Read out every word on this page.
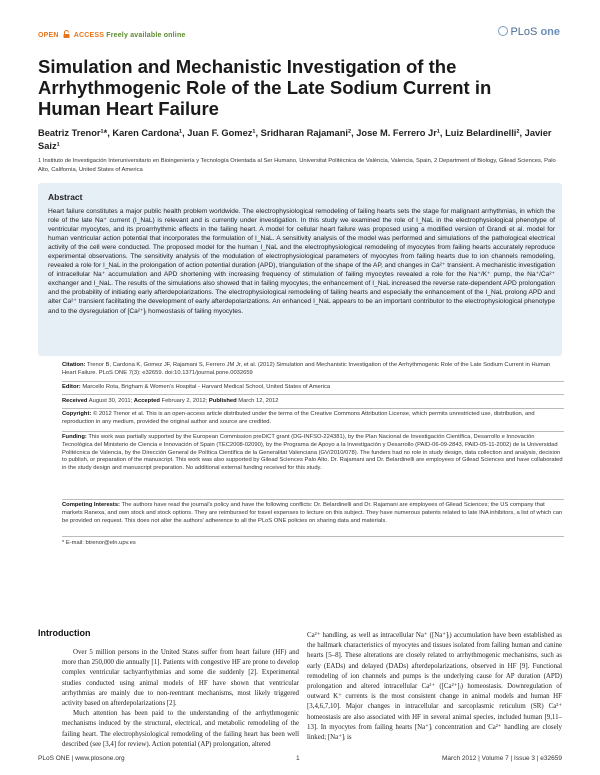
OPEN ACCESS Freely available online	PLoS one
Simulation and Mechanistic Investigation of the Arrhythmogenic Role of the Late Sodium Current in Human Heart Failure
Beatriz Trenor¹*, Karen Cardona¹, Juan F. Gomez¹, Sridharan Rajamani², Jose M. Ferrero Jr¹, Luiz Belardinelli², Javier Saiz¹
1 Instituto de Investigación Interuniversitario en Bioingeniería y Tecnología Orientada al Ser Humano, Universitat Politècnica de València, Valencia, Spain, 2 Department of Biology, Gilead Sciences, Palo Alto, California, United States of America
Abstract
Heart failure constitutes a major public health problem worldwide. The electrophysiological remodeling of failing hearts sets the stage for malignant arrhythmias, in which the role of the late Na⁺ current (I_NaL) is relevant and is currently under investigation. In this study we examined the role of I_NaL in the electrophysiological phenotype of ventricular myocytes, and its proarrhythmic effects in the failing heart. A model for cellular heart failure was proposed using a modified version of Grandi et al. model for human ventricular action potential that incorporates the formulation of I_NaL. A sensitivity analysis of the model was performed and simulations of the pathological electrical activity of the cell were conducted. The proposed model for the human I_NaL and the electrophysiological remodeling of myocytes from failing hearts accurately reproduce experimental observations. The sensitivity analysis of the modulation of electrophysiological parameters of myocytes from failing hearts due to ion channels remodeling, revealed a role for I_NaL in the prolongation of action potential duration (APD), triangulation of the shape of the AP, and changes in Ca²⁺ transient. A mechanistic investigation of intracellular Na⁺ accumulation and APD shortening with increasing frequency of stimulation of failing myocytes revealed a role for the Na⁺/K⁺ pump, the Na⁺/Ca²⁺ exchanger and I_NaL. The results of the simulations also showed that in failing myocytes, the enhancement of I_NaL increased the reverse rate-dependent APD prolongation and the probability of initiating early afterdepolarizations. The electrophysiological remodeling of failing hearts and especially the enhancement of the I_NaL prolong APD and alter Ca²⁺ transient facilitating the development of early afterdepolarizations. An enhanced I_NaL appears to be an important contributor to the electrophysiological phenotype and to the dysregulation of [Ca²⁺]ᵢ homeostasis of failing myocytes.
Citation: Trenor B, Cardona K, Gomez JF, Rajamani S, Ferrero JM Jr, et al. (2012) Simulation and Mechanistic Investigation of the Arrhythmogenic Role of the Late Sodium Current in Human Heart Failure. PLoS ONE 7(3): e32659. doi:10.1371/journal.pone.0032659
Editor: Marcello Rota, Brigham & Women's Hospital - Harvard Medical School, United States of America
Received August 30, 2011; Accepted February 2, 2012; Published March 12, 2012
Copyright: © 2012 Trenor et al. This is an open-access article distributed under the terms of the Creative Commons Attribution License, which permits unrestricted use, distribution, and reproduction in any medium, provided the original author and source are credited.
Funding: This work was partially supported by the European Commission preDiCT grant (DG-INFSO-224381), by the Plan Nacional de Investigación Científica, Desarrollo e Innovación Tecnológica del Ministerio de Ciencia e Innovación of Spain (TEC2008-02090), by the Programa de Apoyo a la Investigación y Desarrollo (PAID-06-09-2843, PAID-05-11-2002) de la Universidad Politécnica de Valencia, by the Dirección General de Política Científica de la Generalitat Valenciana (GV/2010/078). The funders had no role in study design, data collection and analysis, decision to publish, or preparation of the manuscript. This work was also supported by Gilead Sciences Palo Alto. Dr. Rajamani and Dr. Belardinelli are employees of Gilead Sciences and have collaborated in the study design and manuscript preparation. No additional external funding received for this study.
Competing Interests: The authors have read the journal's policy and have the following conflicts: Dr. Belardinelli and Dr. Rajamani are employees of Gilead Sciences; the US company that markets Ranexa, and own stock and stock options. They are reimbursed for travel expenses to lecture on this subject. They have numerous patents related to late INA inhibitors, a list of which can be provided on request. This does not alter the authors' adherence to all the PLoS ONE policies on sharing data and materials.
* E-mail: btrenor@eln.upv.es
Introduction

Over 5 million persons in the United States suffer from heart failure (HF) and more than 250,000 die annually [1]. Patients with congestive HF are prone to develop complex ventricular tachyarrhythmias and some die suddenly [2]. Experimental studies conducted using animal models of HF have shown that ventricular arrhythmias are mainly due to non-reentrant mechanisms, most likely triggered activity based on afterdepolarizations [2].

Much attention has been paid to the understanding of the arrhythmogenic mechanisms induced by the structural, electrical, and metabolic remodeling of the failing heart. The electrophysiological remodeling of the failing heart has been well described (see [3,4] for review). Action potential (AP) prolongation, altered

Ca²⁺ handling, as well as intracellular Na⁺ ([Na⁺]ᵢ) accumulation have been established as the hallmark characteristics of myocytes and tissues isolated from failing human and canine hearts [5–8]. These alterations are closely related to arrhythmogenic mechanisms, such as early (EADs) and delayed (DADs) afterdepolarizations, observed in HF [9]. Functional remodeling of ion channels and pumps is the underlying cause for AP duration (APD) prolongation and altered intracellular Ca²⁺ ([Ca²⁺]ᵢ) homeostasis. Downregulation of outward K⁺ currents is the most consistent change in animal models and human HF [3,4,6,7,10]. Major changes in intracellular and sarcoplasmic reticulum (SR) Ca²⁺ homeostasis are also associated with HF in several animal species, included human [9,11–13]. In myocytes from failing hearts [Na⁺]ᵢ concentration and Ca²⁺ handling are closely linked; [Na⁺]ᵢ is

PLoS ONE | www.plosone.org	1	March 2012 | Volume 7 | Issue 3 | e32659
